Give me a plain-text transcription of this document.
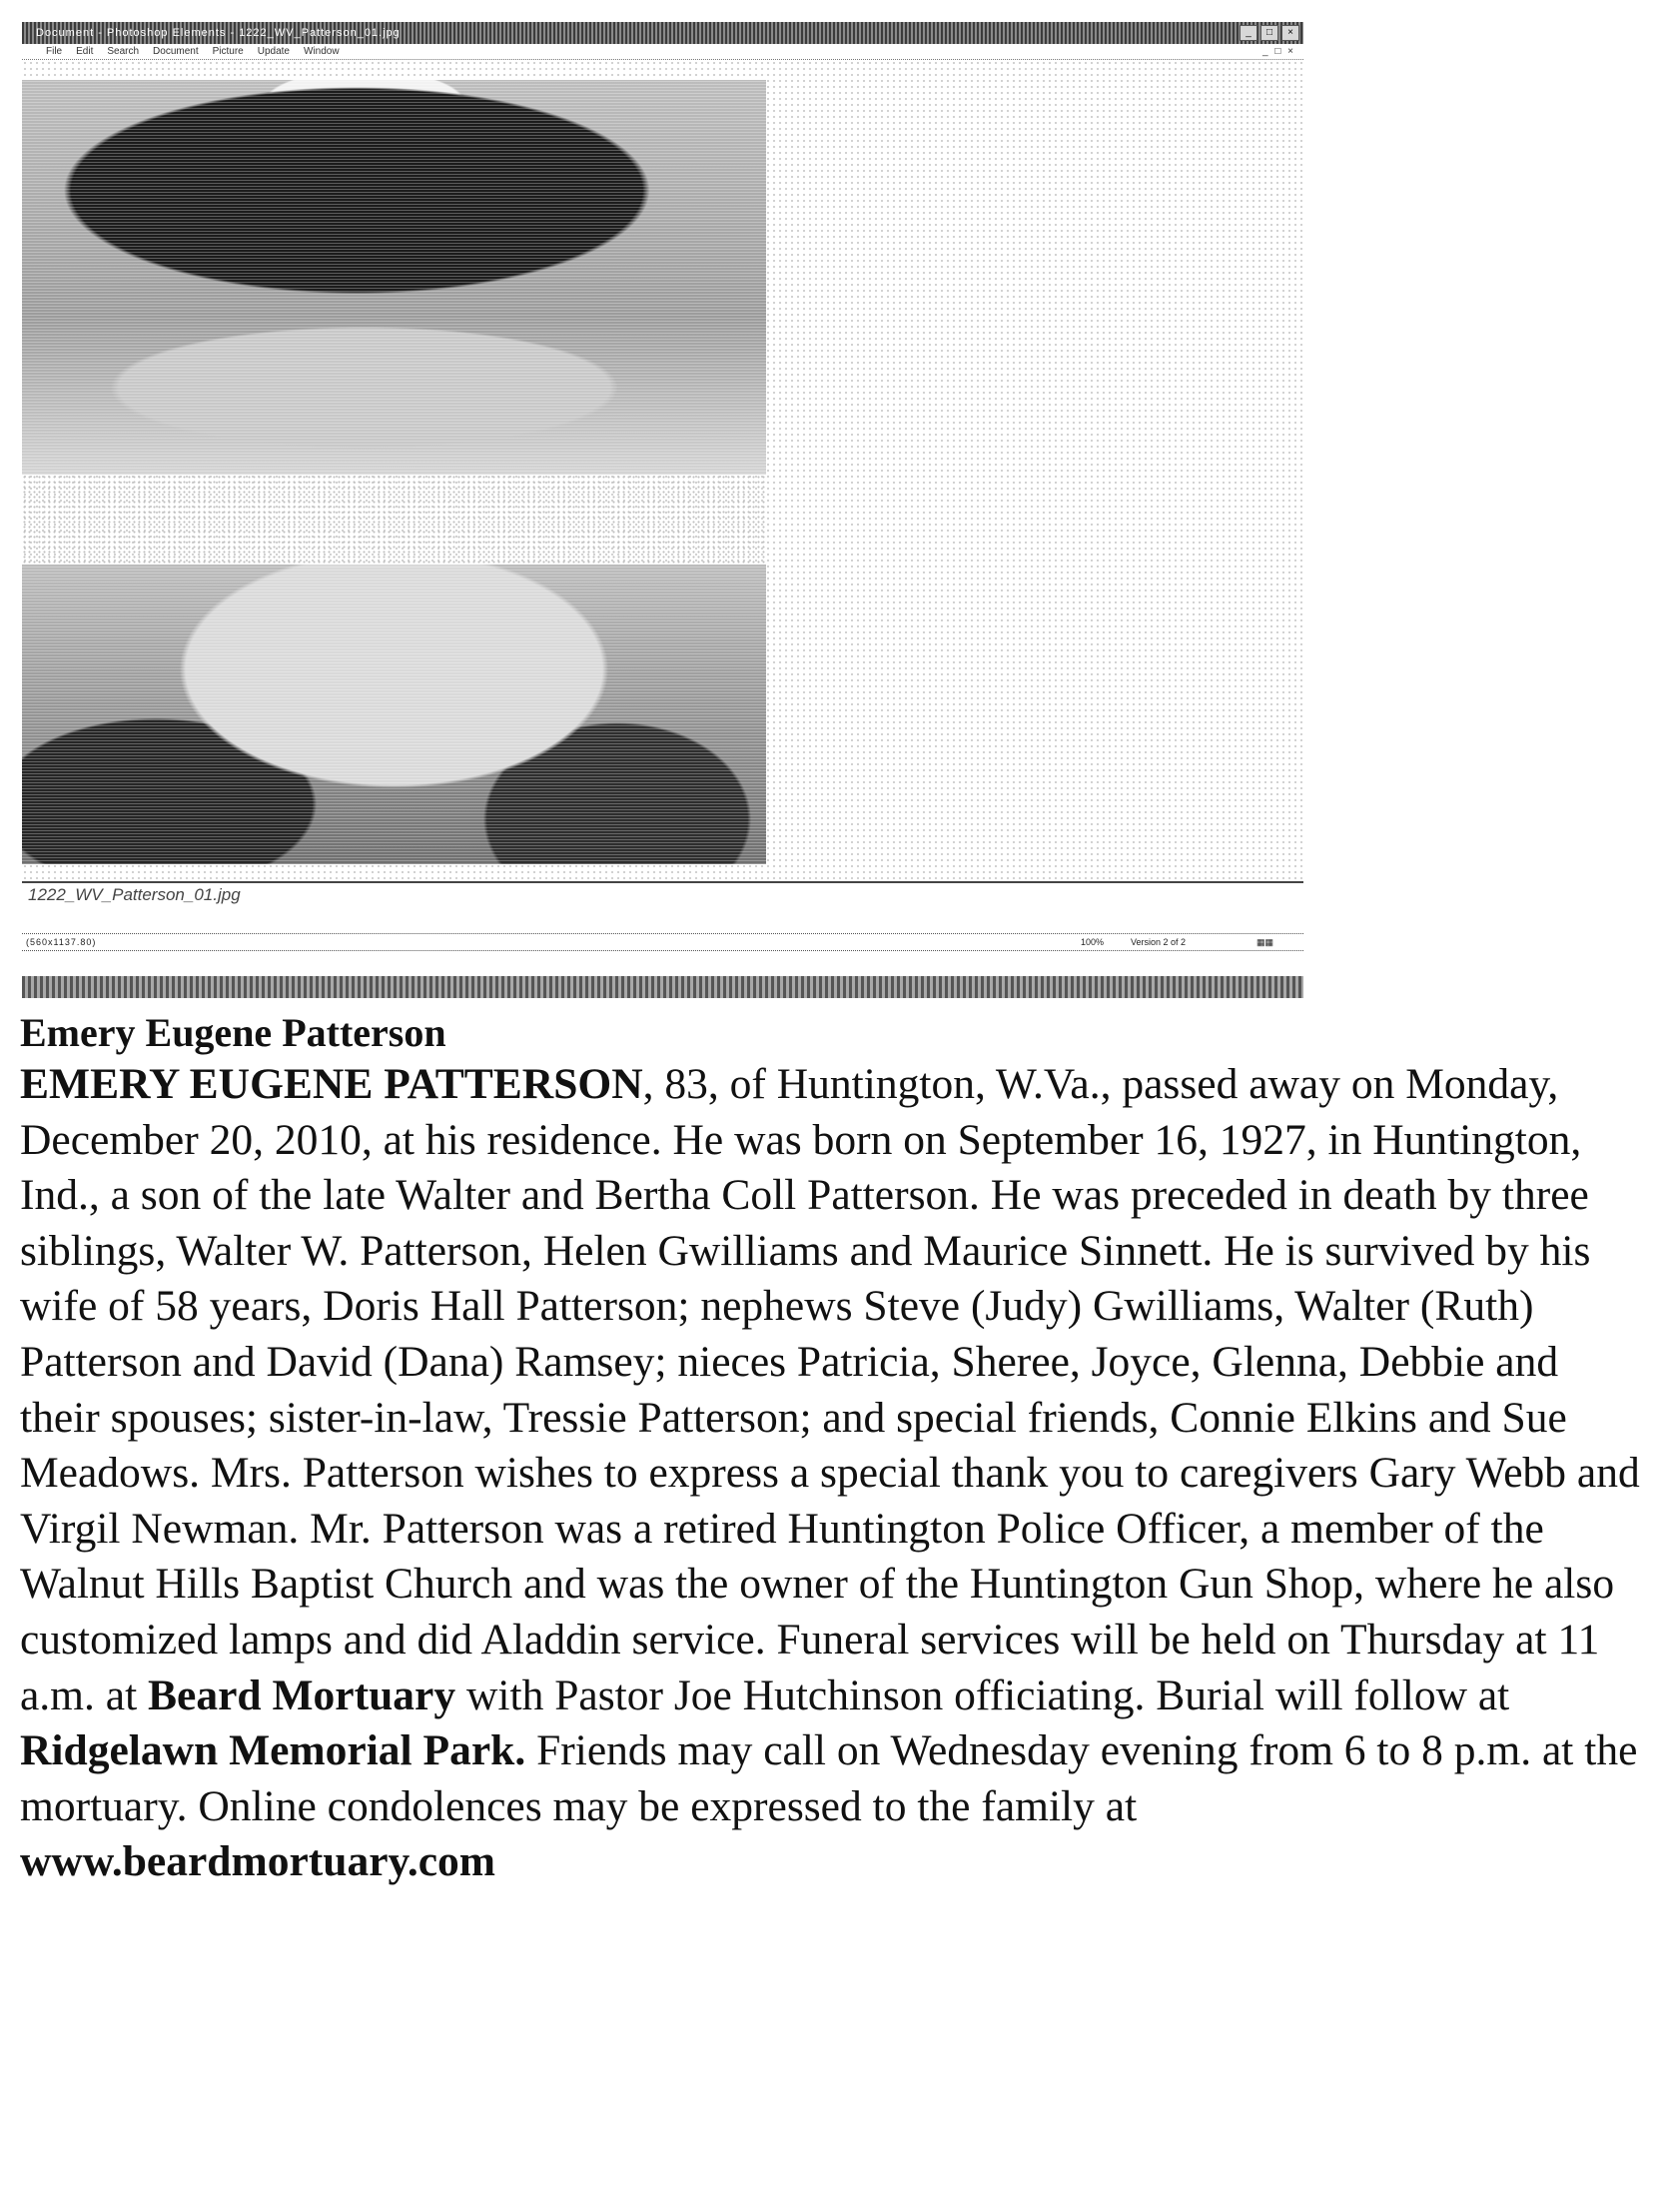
Document - Photoshop Elements - 1222_WV_Patterson_01.jpg	_	□	×
File Edit Search Document Picture Update Window	_ □ ×
1222_WV_Patterson_01.jpg
(560x1137.80)	100%	Version 2 of 2	▦▦

Emery Eugene Patterson

EMERY EUGENE PATTERSON, 83, of Huntington, W.Va., passed away on Monday, December 20, 2010, at his residence. He was born on September 16, 1927, in Huntington, Ind., a son of the late Walter and Bertha Coll Patterson. He was preceded in death by three siblings, Walter W. Patterson, Helen Gwilliams and Maurice Sinnett. He is survived by his wife of 58 years, Doris Hall Patterson; nephews Steve (Judy) Gwilliams, Walter (Ruth) Patterson and David (Dana) Ramsey; nieces Patricia, Sheree, Joyce, Glenna, Debbie and their spouses; sister-in-law, Tressie Patterson; and special friends, Connie Elkins and Sue Meadows. Mrs. Patterson wishes to express a special thank you to caregivers Gary Webb and Virgil Newman. Mr. Patterson was a retired Huntington Police Officer, a member of the Walnut Hills Baptist Church and was the owner of the Huntington Gun Shop, where he also customized lamps and did Aladdin service. Funeral services will be held on Thursday at 11 a.m. at Beard Mortuary with Pastor Joe Hutchinson officiating. Burial will follow at Ridgelawn Memorial Park. Friends may call on Wednesday evening from 6 to 8 p.m. at the mortuary. Online condolences may be expressed to the family at
www.beardmortuary.com
